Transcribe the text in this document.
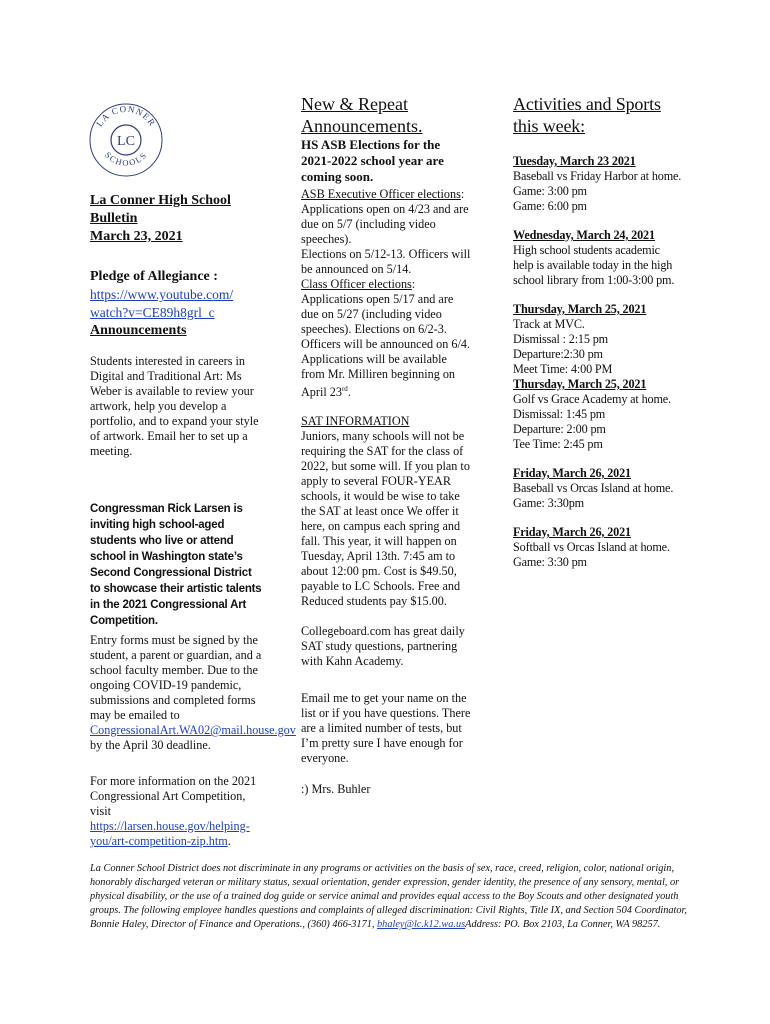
LA CONNER
SCHOOLS
LC
La Conner High School
Bulletin
March 23, 2021
Pledge of Allegiance :
https://www.youtube.com/
watch?v=CE89h8grl_c
Announcements

Students interested in careers in Digital and Traditional Art: Ms Weber is available to review your artwork, help you develop a portfolio, and to expand your style of artwork. Email her to set up a meeting.

Congressman Rick Larsen is inviting high school-aged students who live or attend school in Washington state’s Second Congressional District to showcase their artistic talents in the 2021 Congressional Art Competition.

Entry forms must be signed by the student, a parent or guardian, and a school faculty member. Due to the ongoing COVID-19 pandemic, submissions and completed forms may be emailed to CongressionalArt.WA02@mail.house.gov by the April 30 deadline.

For more information on the 2021 Congressional Art Competition, visit https://larsen.house.gov/helping-you/art-competition-zip.htm.

New & Repeat
Announcements.

HS ASB Elections for the 2021-2022 school year are coming soon.

ASB Executive Officer elections:

Applications open on 4/23 and are due on 5/7 (including video speeches).

Elections on 5/12-13. Officers will be announced on 5/14.

Class Officer elections:

Applications open 5/17 and are due on 5/27 (including video speeches). Elections on 6/2-3. Officers will be announced on 6/4.

Applications will be available from Mr. Milliren beginning on April 23rd.

SAT INFORMATION

Juniors, many schools will not be requiring the SAT for the class of 2022, but some will. If you plan to apply to several FOUR-YEAR schools, it would be wise to take the SAT at least once We offer it here, on campus each spring and fall. This year, it will happen on Tuesday, April 13th. 7:45 am to about 12:00 pm. Cost is $49.50, payable to LC Schools. Free and Reduced students pay $15.00.

Collegeboard.com has great daily SAT study questions, partnering with Kahn Academy.

Email me to get your name on the list or if you have questions. There are a limited number of tests, but I’m pretty sure I have enough for everyone.

:) Mrs. Buhler

Activities and Sports
this week:

Tuesday, March 23 2021

Baseball vs Friday Harbor at home.

Game: 3:00 pm

Game: 6:00 pm

Wednesday, March 24, 2021

High school students academic help is available today in the high school library from 1:00-3:00 pm.

Thursday, March 25, 2021

Track at MVC.

Dismissal : 2:15 pm

Departure:2:30 pm

Meet Time: 4:00 PM

Thursday, March 25, 2021

Golf vs Grace Academy at home.

Dismissal: 1:45 pm

Departure: 2:00 pm

Tee Time: 2:45 pm

Friday, March 26, 2021

Baseball vs Orcas Island at home.

Game: 3:30pm

Friday, March 26, 2021

Softball vs Orcas Island at home.

Game: 3:30 pm

La Conner School District does not discriminate in any programs or activities on the basis of sex, race, creed, religion, color, national origin, honorably discharged veteran or military status, sexual orientation, gender expression, gender identity, the presence of any sensory, mental, or physical disability, or the use of a trained dog guide or service animal and provides equal access to the Boy Scouts and other designated youth groups. The following employee handles questions and complaints of alleged discrimination: Civil Rights, Title IX, and Section 504 Coordinator, Bonnie Haley, Director of Finance and Operations., (360) 466-3171, bhaley@lc.k12.wa.usAddress: PO. Box 2103, La Conner, WA 98257.
